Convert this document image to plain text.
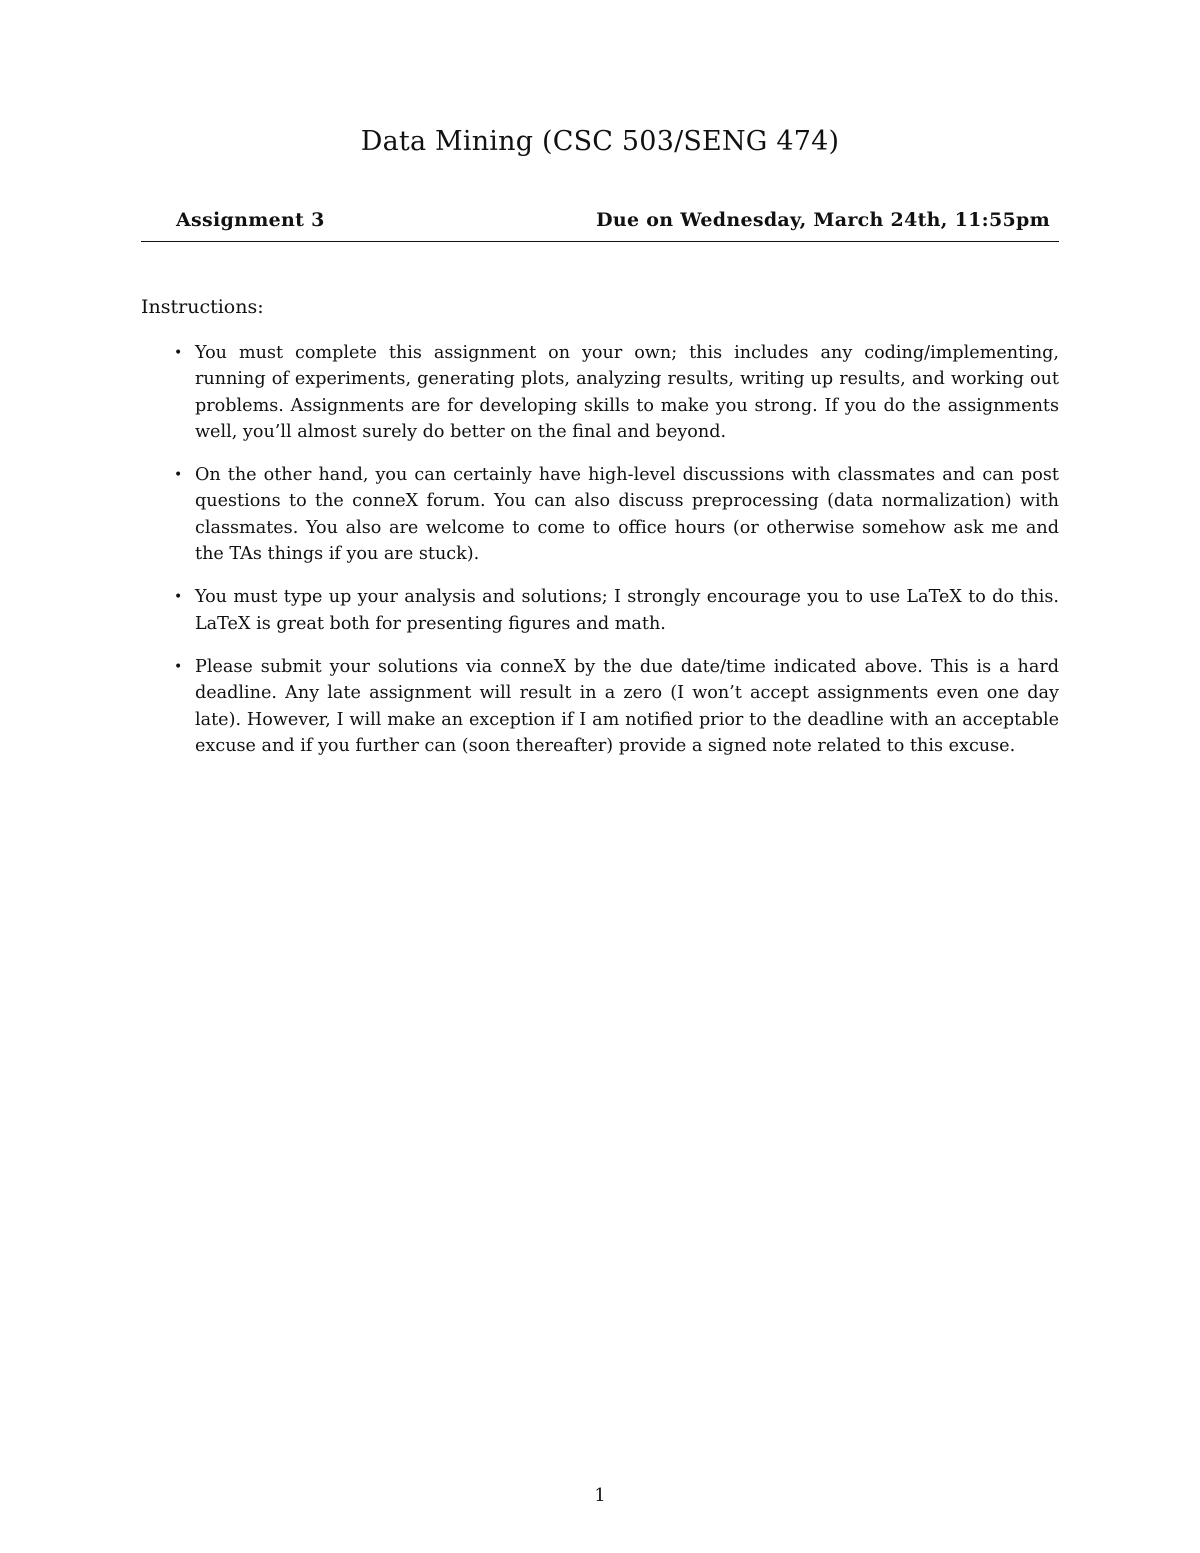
Data Mining (CSC 503/SENG 474)
Assignment 3	Due on Wednesday, March 24th, 11:55pm
Instructions:
• You must complete this assignment on your own; this includes any coding/implementing, running of experiments, generating plots, analyzing results, writing up results, and working out problems. Assignments are for developing skills to make you strong. If you do the assignments well, you’ll almost surely do better on the final and beyond.
• On the other hand, you can certainly have high-level discussions with classmates and can post questions to the conneX forum. You can also discuss preprocessing (data normalization) with classmates. You also are welcome to come to office hours (or otherwise somehow ask me and the TAs things if you are stuck).
• You must type up your analysis and solutions; I strongly encourage you to use LaTeX to do this. LaTeX is great both for presenting figures and math.
• Please submit your solutions via conneX by the due date/time indicated above. This is a hard deadline. Any late assignment will result in a zero (I won’t accept assignments even one day late). However, I will make an exception if I am notified prior to the deadline with an acceptable excuse and if you further can (soon thereafter) provide a signed note related to this excuse.
1
